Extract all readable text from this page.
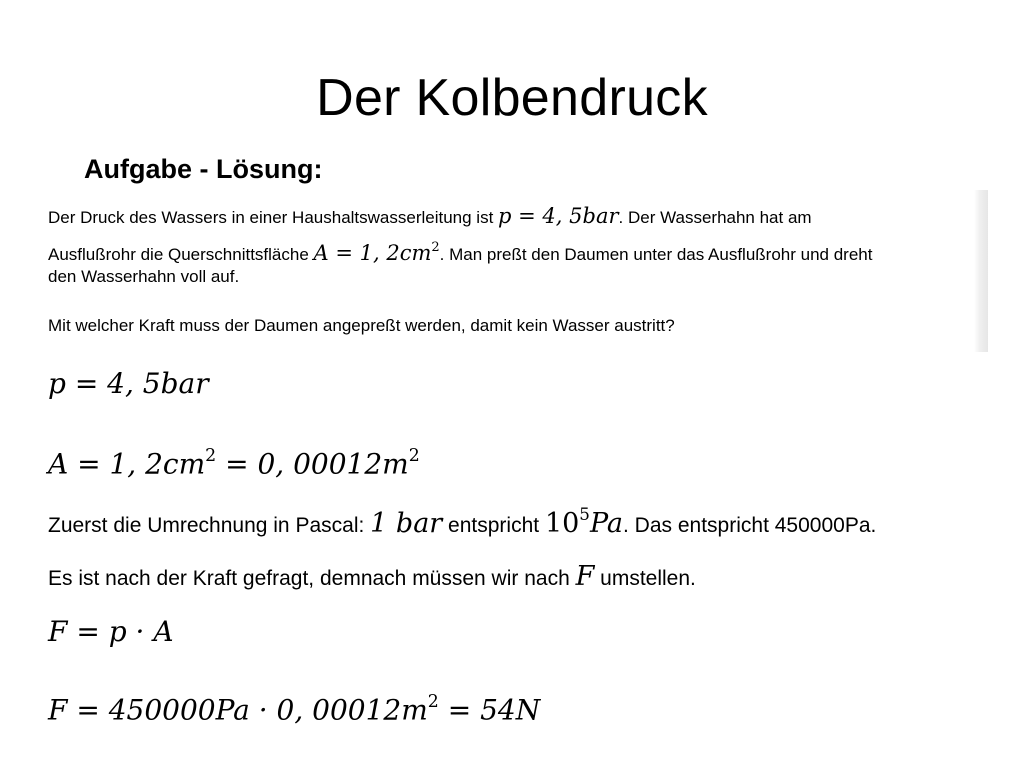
Der Kolbendruck
Aufgabe - Lösung:
Der Druck des Wassers in einer Haushaltswasserleitung ist p = 4, 5bar. Der Wasserhahn hat am
Ausflußrohr die Querschnittsfläche A = 1, $2cm^2$. Man preßt den Daumen unter das Ausflußrohr und dreht
den Wasserhahn voll auf.
Mit welcher Kraft muss der Daumen angepreßt werden, damit kein Wasser austritt?
p = 4, 5bar
A = 1, $2cm^2 = 0$, $00012m^2$
Zuerst die Umrechnung in Pascal: 1 bar entspricht $10^5Pa$. Das entspricht 450000Pa.
Es ist nach der Kraft gefragt, demnach müssen wir nach F umstellen.
F = p · A
F = 450000Pa · 0, $00012m^2 = 54N$
